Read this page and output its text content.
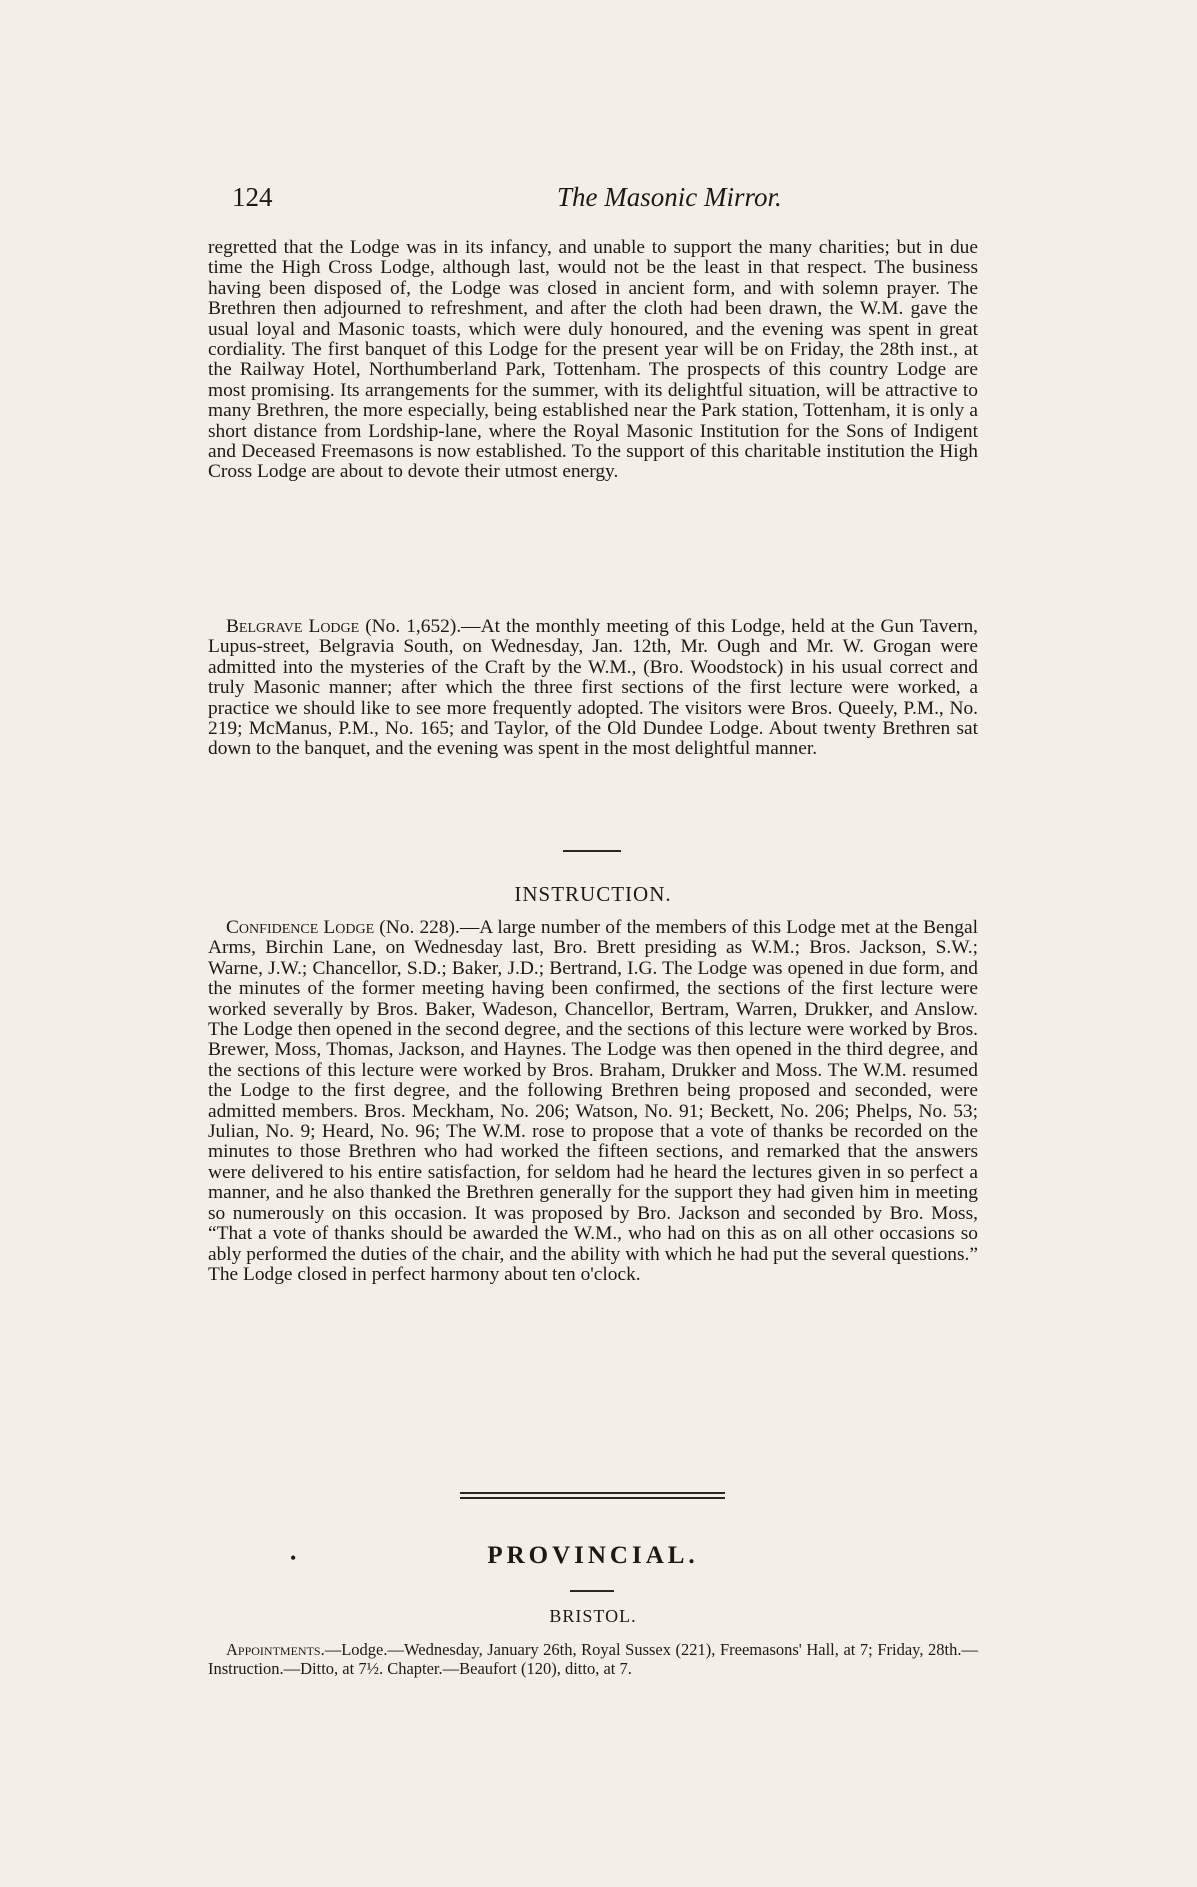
124	The Masonic Mirror.

regretted that the Lodge was in its infancy, and unable to support the many charities; but in due time the High Cross Lodge, although last, would not be the least in that respect. The business having been disposed of, the Lodge was closed in ancient form, and with solemn prayer. The Brethren then adjourned to refreshment, and after the cloth had been drawn, the W.M. gave the usual loyal and Masonic toasts, which were duly honoured, and the evening was spent in great cordiality. The first banquet of this Lodge for the present year will be on Friday, the 28th inst., at the Railway Hotel, Northumberland Park, Tottenham. The prospects of this country Lodge are most promising. Its arrangements for the summer, with its delightful situation, will be attractive to many Brethren, the more especially, being established near the Park station, Tottenham, it is only a short distance from Lordship-lane, where the Royal Masonic Institution for the Sons of Indigent and Deceased Freemasons is now established. To the support of this charitable institution the High Cross Lodge are about to devote their utmost energy.

Belgrave Lodge (No. 1,652).—At the monthly meeting of this Lodge, held at the Gun Tavern, Lupus-street, Belgravia South, on Wednesday, Jan. 12th, Mr. Ough and Mr. W. Grogan were admitted into the mysteries of the Craft by the W.M., (Bro. Woodstock) in his usual correct and truly Masonic manner; after which the three first sections of the first lecture were worked, a practice we should like to see more frequently adopted. The visitors were Bros. Queely, P.M., No. 219; McManus, P.M., No. 165; and Taylor, of the Old Dundee Lodge. About twenty Brethren sat down to the banquet, and the evening was spent in the most delightful manner.

INSTRUCTION.

Confidence Lodge (No. 228).—A large number of the members of this Lodge met at the Bengal Arms, Birchin Lane, on Wednesday last, Bro. Brett presiding as W.M.; Bros. Jackson, S.W.; Warne, J.W.; Chancellor, S.D.; Baker, J.D.; Bertrand, I.G. The Lodge was opened in due form, and the minutes of the former meeting having been confirmed, the sections of the first lecture were worked severally by Bros. Baker, Wadeson, Chancellor, Bertram, Warren, Drukker, and Anslow. The Lodge then opened in the second degree, and the sections of this lecture were worked by Bros. Brewer, Moss, Thomas, Jackson, and Haynes. The Lodge was then opened in the third degree, and the sections of this lecture were worked by Bros. Braham, Drukker and Moss. The W.M. resumed the Lodge to the first degree, and the following Brethren being proposed and seconded, were admitted members. Bros. Meckham, No. 206; Watson, No. 91; Beckett, No. 206; Phelps, No. 53; Julian, No. 9; Heard, No. 96; The W.M. rose to propose that a vote of thanks be recorded on the minutes to those Brethren who had worked the fifteen sections, and remarked that the answers were delivered to his entire satisfaction, for seldom had he heard the lectures given in so perfect a manner, and he also thanked the Brethren generally for the support they had given him in meeting so numerously on this occasion. It was proposed by Bro. Jackson and seconded by Bro. Moss, “That a vote of thanks should be awarded the W.M., who had on this as on all other occasions so ably performed the duties of the chair, and the ability with which he had put the several questions.” The Lodge closed in perfect harmony about ten o'clock.

•	PROVINCIAL.
BRISTOL.

Appointments.—Lodge.—Wednesday, January 26th, Royal Sussex (221), Freemasons' Hall, at 7; Friday, 28th.—Instruction.—Ditto, at 7½. Chapter.—Beaufort (120), ditto, at 7.
